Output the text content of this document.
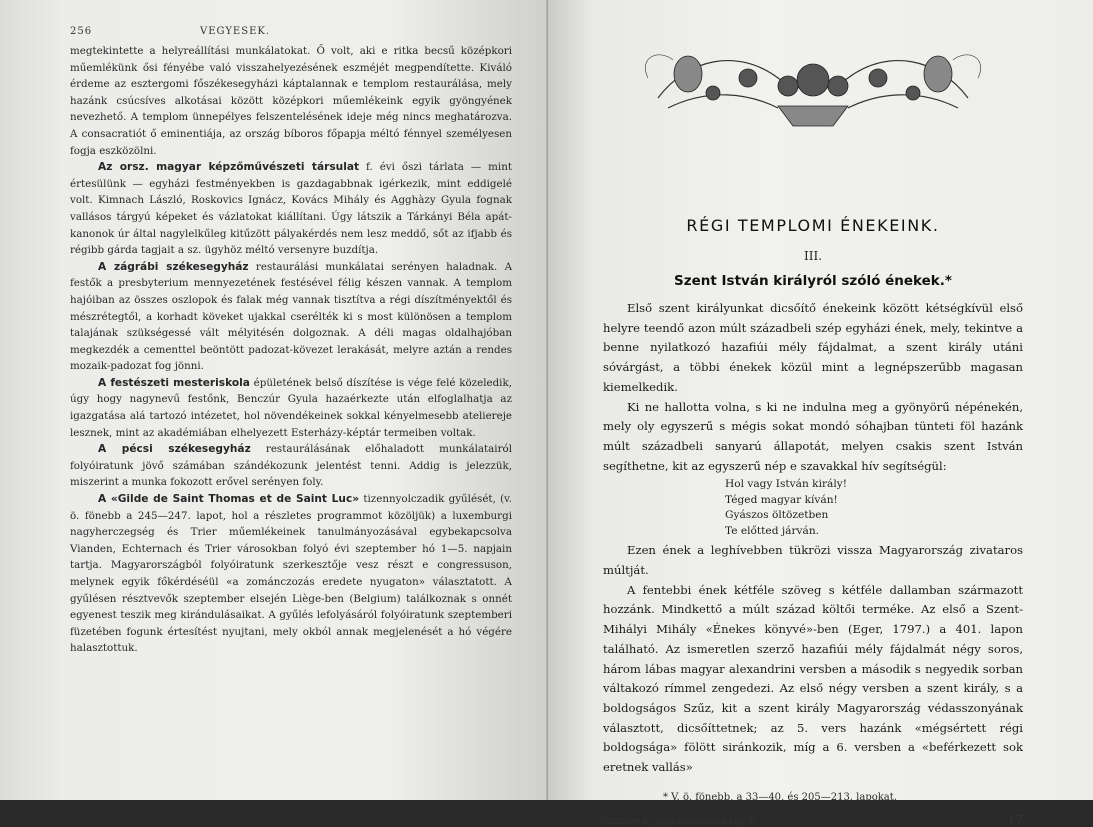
256	VEGYESEK.

megtekintette a helyreállítási munkálatokat. Ő volt, aki e ritka becsű középkori műemlékünk ősi fényébe való visszahelyezésének eszméjét megpendítette. Kiváló érdeme az esztergomi főszékesegyházi káptalannak e templom restaurálása, mely hazánk csúcsíves alkotásai között középkori műemlékeink egyik gyöngyének nevezhető. A templom ünnepélyes felszentelésének ideje még nincs meghatározva. A consacratiót ő eminentiája, az ország bíboros főpapja méltó fénnyel személyesen fogja eszközölni.

Az orsz. magyar képzőművészeti társulat f. évi őszi tárlata — mint értesülünk — egyházi festményekben is gazdagabbnak igérkezik, mint eddigelé volt. Kimnach László, Roskovics Ignácz, Kovács Mihály és Agghàzy Gyula fognak vallásos tárgyú képeket és vázlatokat kiállítani. Úgy látszik a Tárkányi Béla apát-kanonok úr által nagylelkűleg kitűzött pályakérdés nem lesz meddő, sőt az ifjabb és régibb gárda tagjait a sz. ügyhöz méltó versenyre buzdítja.

A zágrábi székesegyház restaurálási munkálatai serényen haladnak. A festők a presbyterium mennyezetének festésével félig készen vannak. A templom hajóiban az összes oszlopok és falak még vannak tisztítva a régi díszítményektől és mészrétegtől, a korhadt köveket ujakkal cserélték ki s most különösen a templom talajának szükségessé vált mélyitésén dolgoznak. A déli magas oldalhajóban megkezdék a cementtel beöntött padozat-kövezet lerakását, melyre aztán a rendes mozaik-padozat fog jönni.

A festészeti mesteriskola épületének belső díszítése is vége felé közeledik, úgy hogy nagynevű festőnk, Benczúr Gyula hazaérkezte után elfoglalhatja az igazgatása alá tartozó intézetet, hol növendékeinek sokkal kényelmesebb ateliereje lesznek, mint az akadémiában elhelyezett Esterházy-képtár termeiben voltak.

A pécsi székesegyház restaurálásának előhaladott munkálatairól folyóiratunk jövő számában szándékozunk jelentést tenni. Addig is jelezzük, miszerint a munka fokozott erővel serényen foly.

A «Gilde de Saint Thomas et de Saint Luc» tizennyolczadik gyűlését, (v. ö. fönebb a 245—247. lapot, hol a részletes programmot közöljük) a luxemburgi nagyherczegség és Trier műemlékeinek tanulmányozásával egybekapcsolva Vianden, Echternach és Trier városokban folyó évi szeptember hó 1—5. napjain tartja. Magyarországból folyóiratunk szerkesztője vesz részt e congressuson, melynek egyik főkérdéséül «a zománczozás eredete nyugaton» választatott. A gyűlésen résztvevők szeptember elsején Liège-ben (Belgium) találkoznak s onnét egyenest teszik meg kirándulásaikat. A gyűlés lefolyásáról folyóiratunk szeptemberi füzetében fogunk értesítést nyujtani, mely okból annak megjelenését a hó végére halasztottuk.

RÉGI TEMPLOMI ÉNEKEINK.
III.
Szent István királyról szóló énekek.*

Első szent királyunkat dicsőítő énekeink között kétségkívül első helyre teendő azon múlt századbeli szép egyházi ének, mely, tekintve a benne nyilatkozó hazafiúi mély fájdalmat, a szent király utáni sóvárgást, a többi énekek közül mint a legnépszerűbb magasan kiemelkedik.

Ki ne hallotta volna, s ki ne indulna meg a gyönyörű népénekén, mely oly egyszerű s mégis sokat mondó sóhajban tünteti föl hazánk múlt századbeli sanyarú állapotát, melyen csakis szent István segíthetne, kit az egyszerű nép e szavakkal hív segítségül:

Hol vagy István király!
Téged magyar kíván!
Gyászos öltözetben
Te előtted járván.

Ezen ének a leghívebben tükrözi vissza Magyarország zivataros múltját.

A fentebbi ének kétféle szöveg s kétféle dallamban származott hozzánk. Mindkettő a múlt század költői terméke. Az első a Szent-Mihályi Mihály «Énekes könyvé»-ben (Eger, 1797.) a 401. lapon található. Az ismeretlen szerző hazafiúi mély fájdalmát négy soros, három lábas magyar alexandrini versben a második s negyedik sorban váltakozó rímmel zengedezi. Az első négy versben a szent király, s a boldogságos Szűz, kit a szent király Magyarország védasszonyának választott, dicsőíttetnek; az 5. vers hazánk «mégsértett régi boldogsága» fölött siránkozik, míg a 6. versben a «beférkezett sok eretnek vallás»

* V. ö. fönebb, a 33—40. és 205—213. lapokat.
CZOBOR B., Egyházművészeti Lap. V.	17
